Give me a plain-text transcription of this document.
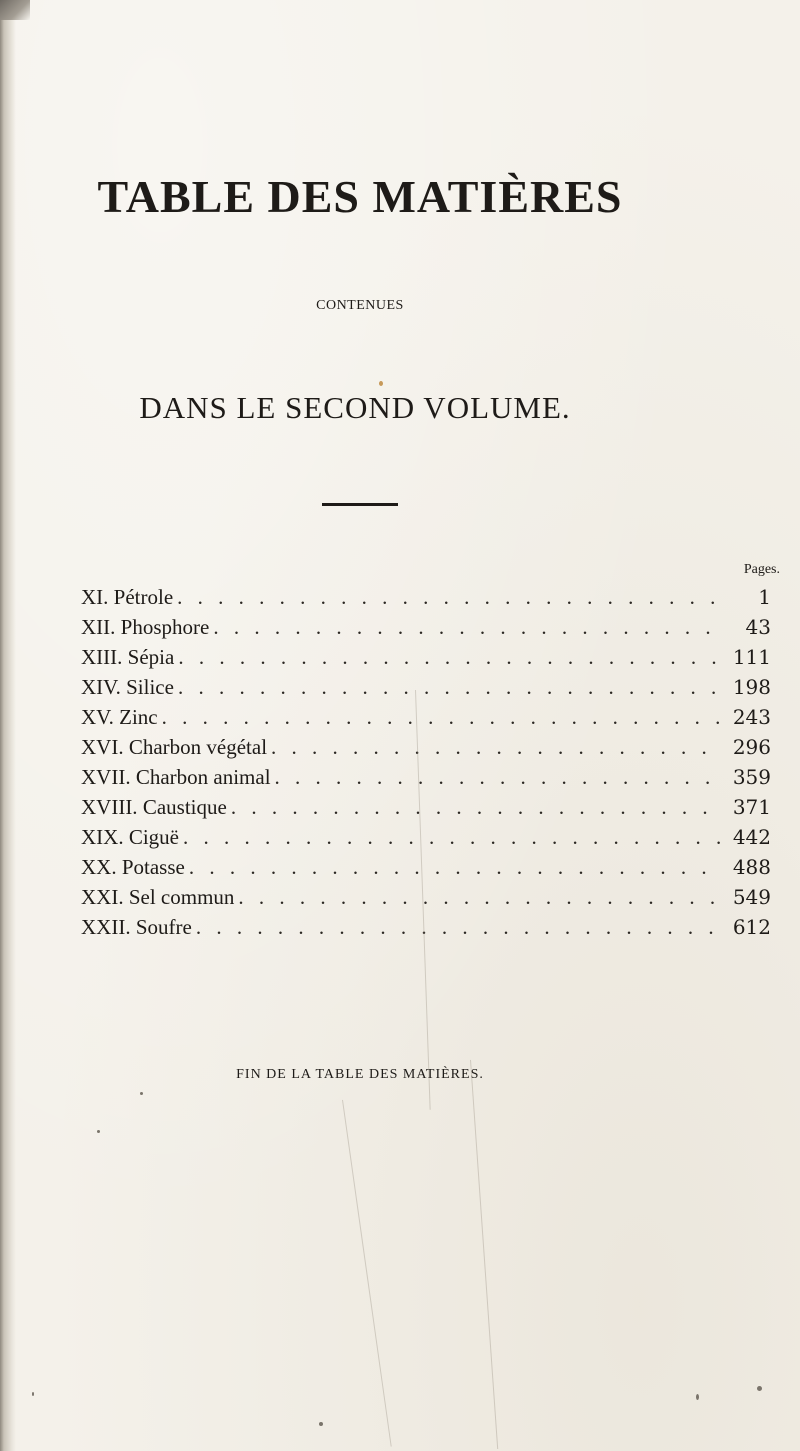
TABLE DES MATIÈRES
CONTENUES
DANS LE SECOND VOLUME.
Pages.
XI. Pétrole . . .	1
XII. Phosphore . . .	43
XIII. Sépia . . .	111
XIV. Silice . . .	198
XV. Zinc . . .	243
XVI. Charbon végétal . . .	296
XVII. Charbon animal . . .	359
XVIII. Caustique . . .	371
XIX. Ciguë . . .	442
XX. Potasse . . .	488
XXI. Sel commun . . .	549
XXII. Soufre . . .	612
FIN DE LA TABLE DES MATIÈRES.
